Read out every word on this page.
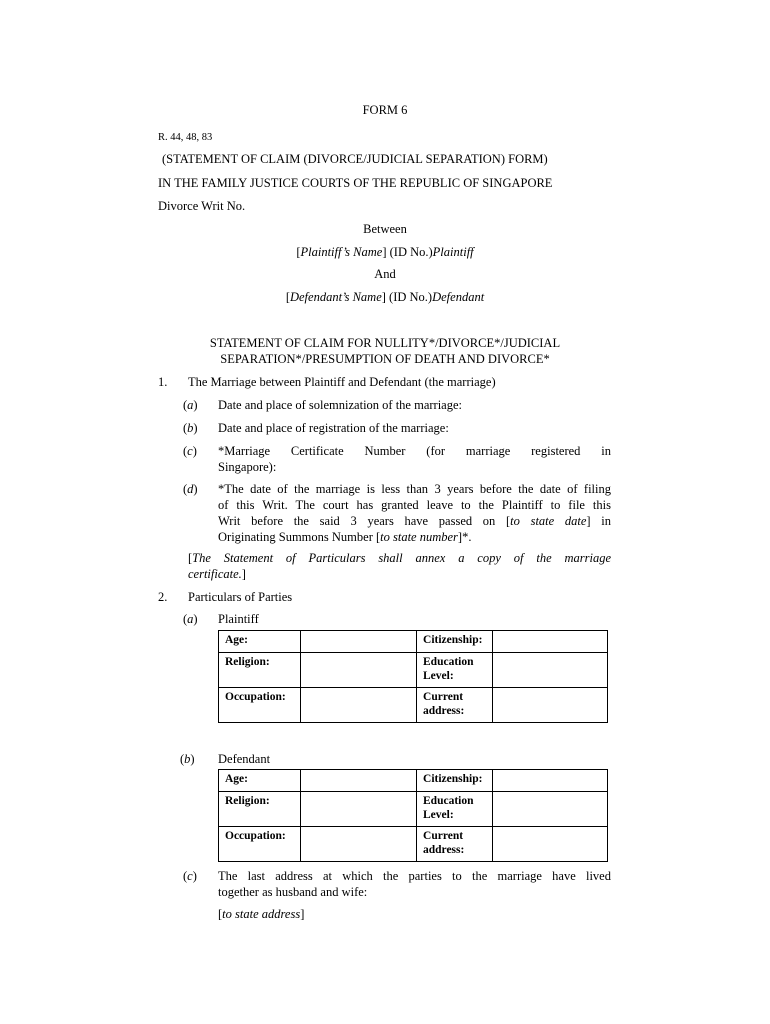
FORM 6
R. 44, 48, 83
(STATEMENT OF CLAIM (DIVORCE/JUDICIAL SEPARATION) FORM)
IN THE FAMILY JUSTICE COURTS OF THE REPUBLIC OF SINGAPORE
Divorce Writ No.
Between
[Plaintiff’s Name] (ID No.)Plaintiff
And
[Defendant’s Name] (ID No.)Defendant
STATEMENT OF CLAIM FOR NULLITY*/DIVORCE*/JUDICIAL
SEPARATION*/PRESUMPTION OF DEATH AND DIVORCE*
1. The Marriage between Plaintiff and Defendant (the marriage)
(a) Date and place of solemnization of the marriage:
(b) Date and place of registration of the marriage:
(c) *Marriage Certificate Number (for marriage registered in
Singapore):
(d) *The date of the marriage is less than 3 years before the date of filing
of this Writ. The court has granted leave to the Plaintiff to file this
Writ before the said 3 years have passed on [to state date] in
Originating Summons Number [to state number]*.
[The Statement of Particulars shall annex a copy of the marriage
certificate.]
2. Particulars of Parties
(a) Plaintiff
Age:		Citizenship:	
Religion:		Education Level:	
Occupation:		Current address:	
(b) Defendant
Age:		Citizenship:	
Religion:		Education Level:	
Occupation:		Current address:	
(c) The last address at which the parties to the marriage have lived
together as husband and wife:
[to state address]
